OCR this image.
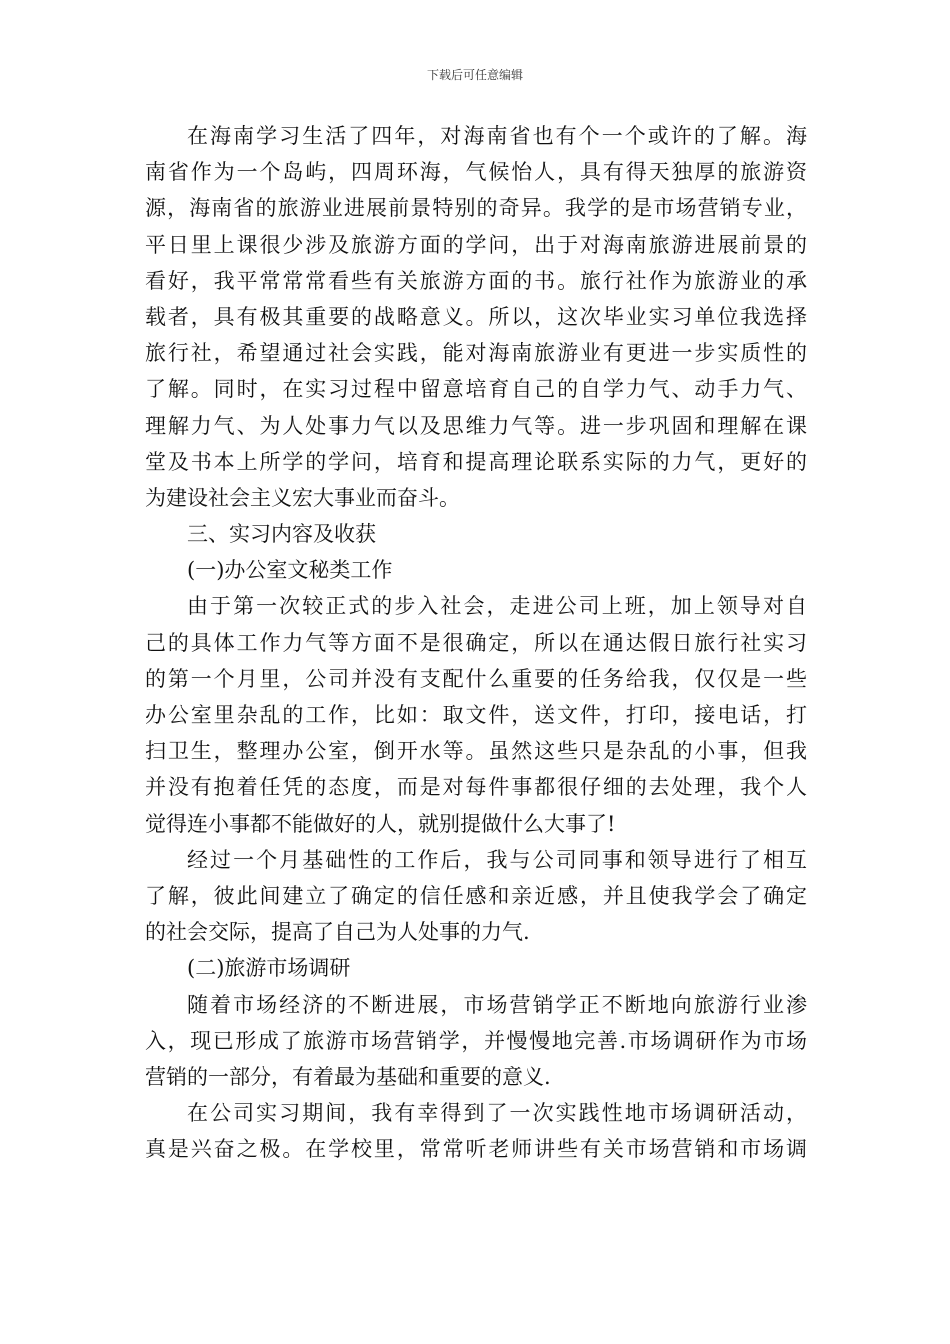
下载后可任意编辑
在海南学习生活了四年，对海南省也有个一个或许的了解。海
南省作为一个岛屿，四周环海，气候怡人，具有得天独厚的旅游资
源，海南省的旅游业进展前景特别的奇异。我学的是市场营销专业，
平日里上课很少涉及旅游方面的学问，出于对海南旅游进展前景的
看好，我平常常常看些有关旅游方面的书。旅行社作为旅游业的承
载者，具有极其重要的战略意义。所以，这次毕业实习单位我选择
旅行社，希望通过社会实践，能对海南旅游业有更进一步实质性的
了解。同时，在实习过程中留意培育自己的自学力气、动手力气、
理解力气、为人处事力气以及思维力气等。进一步巩固和理解在课
堂及书本上所学的学问，培育和提高理论联系实际的力气，更好的
为建设社会主义宏大事业而奋斗。
三、实习内容及收获
(一)办公室文秘类工作
由于第一次较正式的步入社会，走进公司上班，加上领导对自
己的具体工作力气等方面不是很确定，所以在通达假日旅行社实习
的第一个月里，公司并没有支配什么重要的任务给我，仅仅是一些
办公室里杂乱的工作，比如：取文件，送文件，打印，接电话，打
扫卫生，整理办公室，倒开水等。虽然这些只是杂乱的小事，但我
并没有抱着任凭的态度，而是对每件事都很仔细的去处理，我个人
觉得连小事都不能做好的人，就别提做什么大事了!
经过一个月基础性的工作后，我与公司同事和领导进行了相互
了解，彼此间建立了确定的信任感和亲近感，并且使我学会了确定
的社会交际，提高了自己为人处事的力气.
(二)旅游市场调研
随着市场经济的不断进展，市场营销学正不断地向旅游行业渗
入，现已形成了旅游市场营销学，并慢慢地完善.市场调研作为市场
营销的一部分，有着最为基础和重要的意义.
在公司实习期间，我有幸得到了一次实践性地市场调研活动，
真是兴奋之极。在学校里，常常听老师讲些有关市场营销和市场调
